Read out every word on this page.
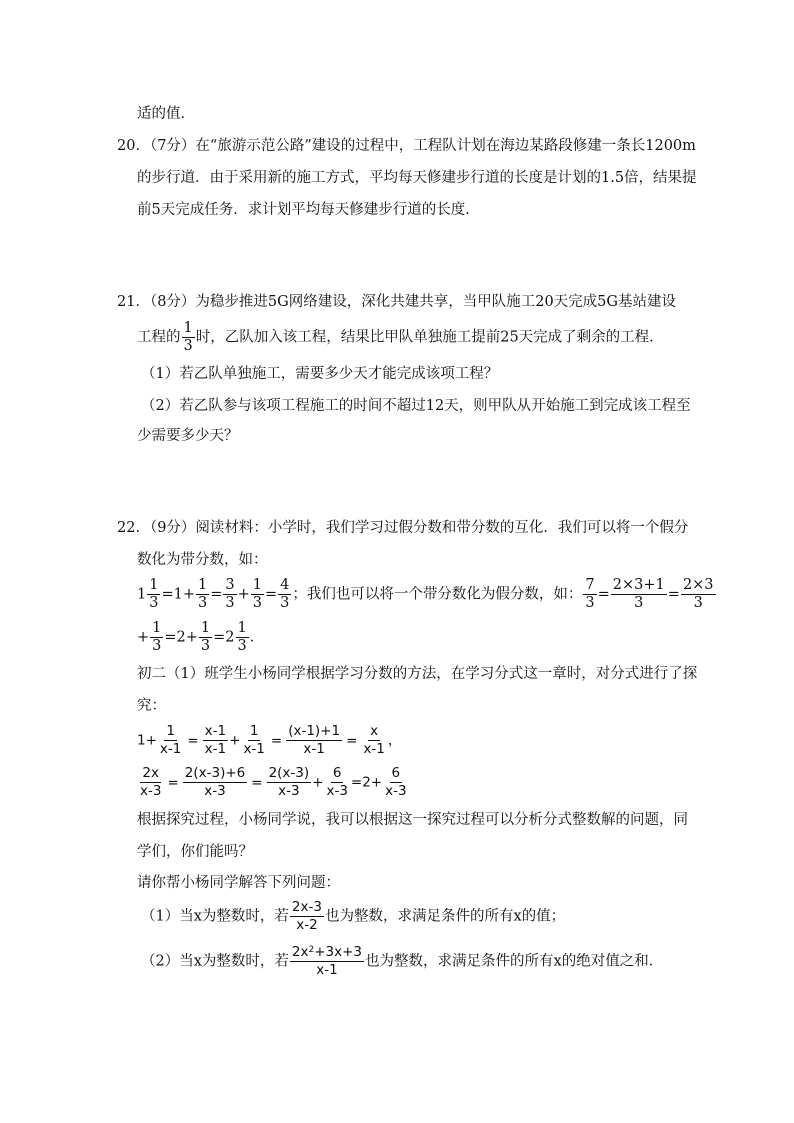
适的值．
20．（7分）在“旅游示范公路”建设的过程中，工程队计划在海边某路段修建一条长1200m
的步行道．由于采用新的施工方式，平均每天修建步行道的长度是计划的1.5倍，结果提
前5天完成任务．求计划平均每天修建步行道的长度．
21．（8分）为稳步推进5G网络建设，深化共建共享，当甲队施工20天完成5G基站建设
工程的 $\frac{1}{3}$ 时，乙队加入该工程，结果比甲队单独施工提前25天完成了剩余的工程．
（1）若乙队单独施工，需要多少天才能完成该项工程？
（2）若乙队参与该项工程施工的时间不超过12天，则甲队从开始施工到完成该工程至
少需要多少天？
22．（9分）阅读材料：小学时，我们学习过假分数和带分数的互化．我们可以将一个假分
数化为带分数，如：
$1 \frac{1}{3} =1+ \frac{1}{3} = \frac{3}{3} + \frac{1}{3} = \frac{4}{3}$ ；我们也可以将一个带分数化为假分数，如： $\frac{7}{3} = \frac{2\times 3+1}{3} = \frac{2\times 3}{3}$
+ $\frac{1}{3} =2+ \frac{1}{3} =2 \frac{1}{3}$ ．
初二（1）班学生小杨同学根据学习分数的方法，在学习分式这一章时，对分式进行了探
究：
$1+ \frac{1}{x-1} = \frac{x-1}{x-1} + \frac{1}{x-1} = \frac{(x-1)+1}{x-1} = \frac{x}{x-1}$ ，
$\frac{2x}{x-3} = \frac{2(x-3)+6}{x-3} = \frac{2(x-3)}{x-3} + \frac{6}{x-3} =2+ \frac{6}{x-3}$
根据探究过程，小杨同学说，我可以根据这一探究过程可以分析分式整数解的问题，同
学们，你们能吗？
请你帮小杨同学解答下列问题：
（1）当x为整数时，若 $\frac{2x-3}{x-2}$ 也为整数，求满足条件的所有x的值；
（2）当x为整数时，若 $\frac{2x^2+3x+3}{x-1}$ 也为整数，求满足条件的所有x的绝对值之和．
